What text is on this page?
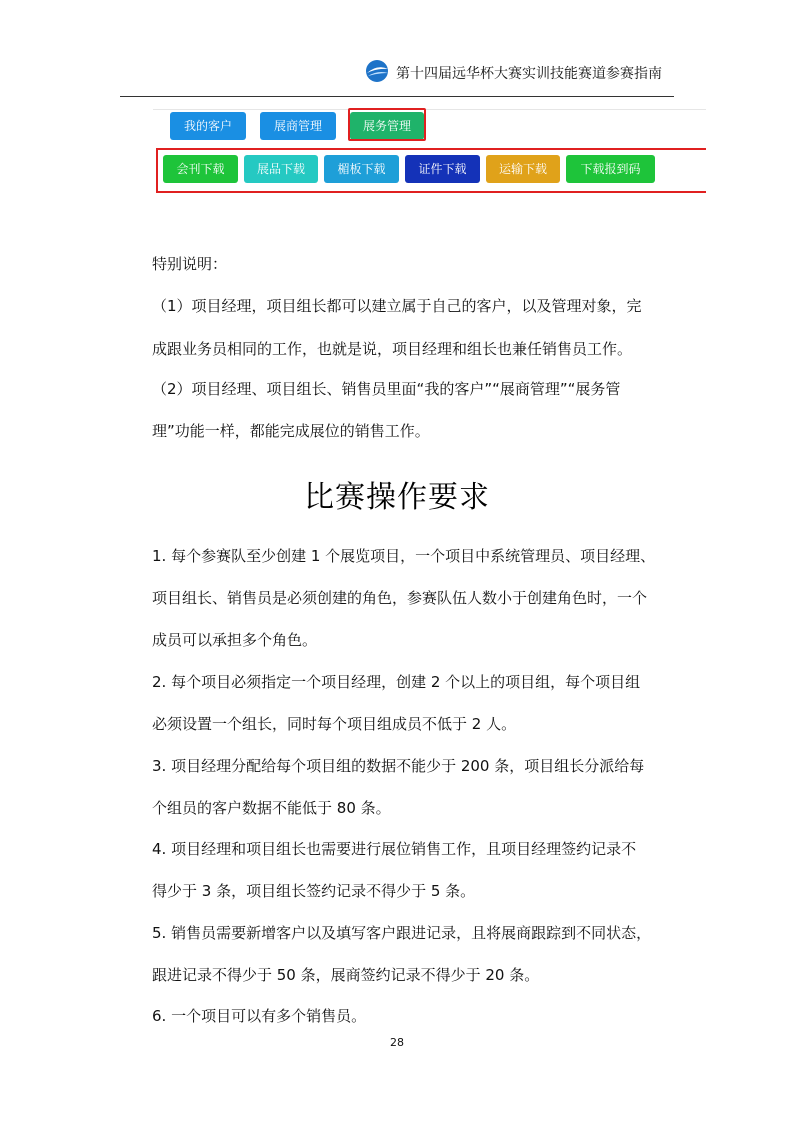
第十四届远华杯大赛实训技能赛道参赛指南
我的客户	展商管理	展务管理
会刊下载	展品下载	楣板下载	证件下载	运输下载	下载报到码
特别说明：
（1）项目经理，项目组长都可以建立属于自己的客户，以及管理对象，完
成跟业务员相同的工作，也就是说，项目经理和组长也兼任销售员工作。
（2）项目经理、项目组长、销售员里面“我的客户”“展商管理”“展务管
理”功能一样，都能完成展位的销售工作。
比赛操作要求
1. 每个参赛队至少创建 1 个展览项目，一个项目中系统管理员、项目经理、
项目组长、销售员是必须创建的角色，参赛队伍人数小于创建角色时，一个
成员可以承担多个角色。
2. 每个项目必须指定一个项目经理，创建 2 个以上的项目组，每个项目组
必须设置一个组长，同时每个项目组成员不低于 2 人。
3. 项目经理分配给每个项目组的数据不能少于 200 条，项目组长分派给每
个组员的客户数据不能低于 80 条。
4. 项目经理和项目组长也需要进行展位销售工作，且项目经理签约记录不
得少于 3 条，项目组长签约记录不得少于 5 条。
5. 销售员需要新增客户以及填写客户跟进记录，且将展商跟踪到不同状态，
跟进记录不得少于 50 条，展商签约记录不得少于 20 条。
6. 一个项目可以有多个销售员。
28
